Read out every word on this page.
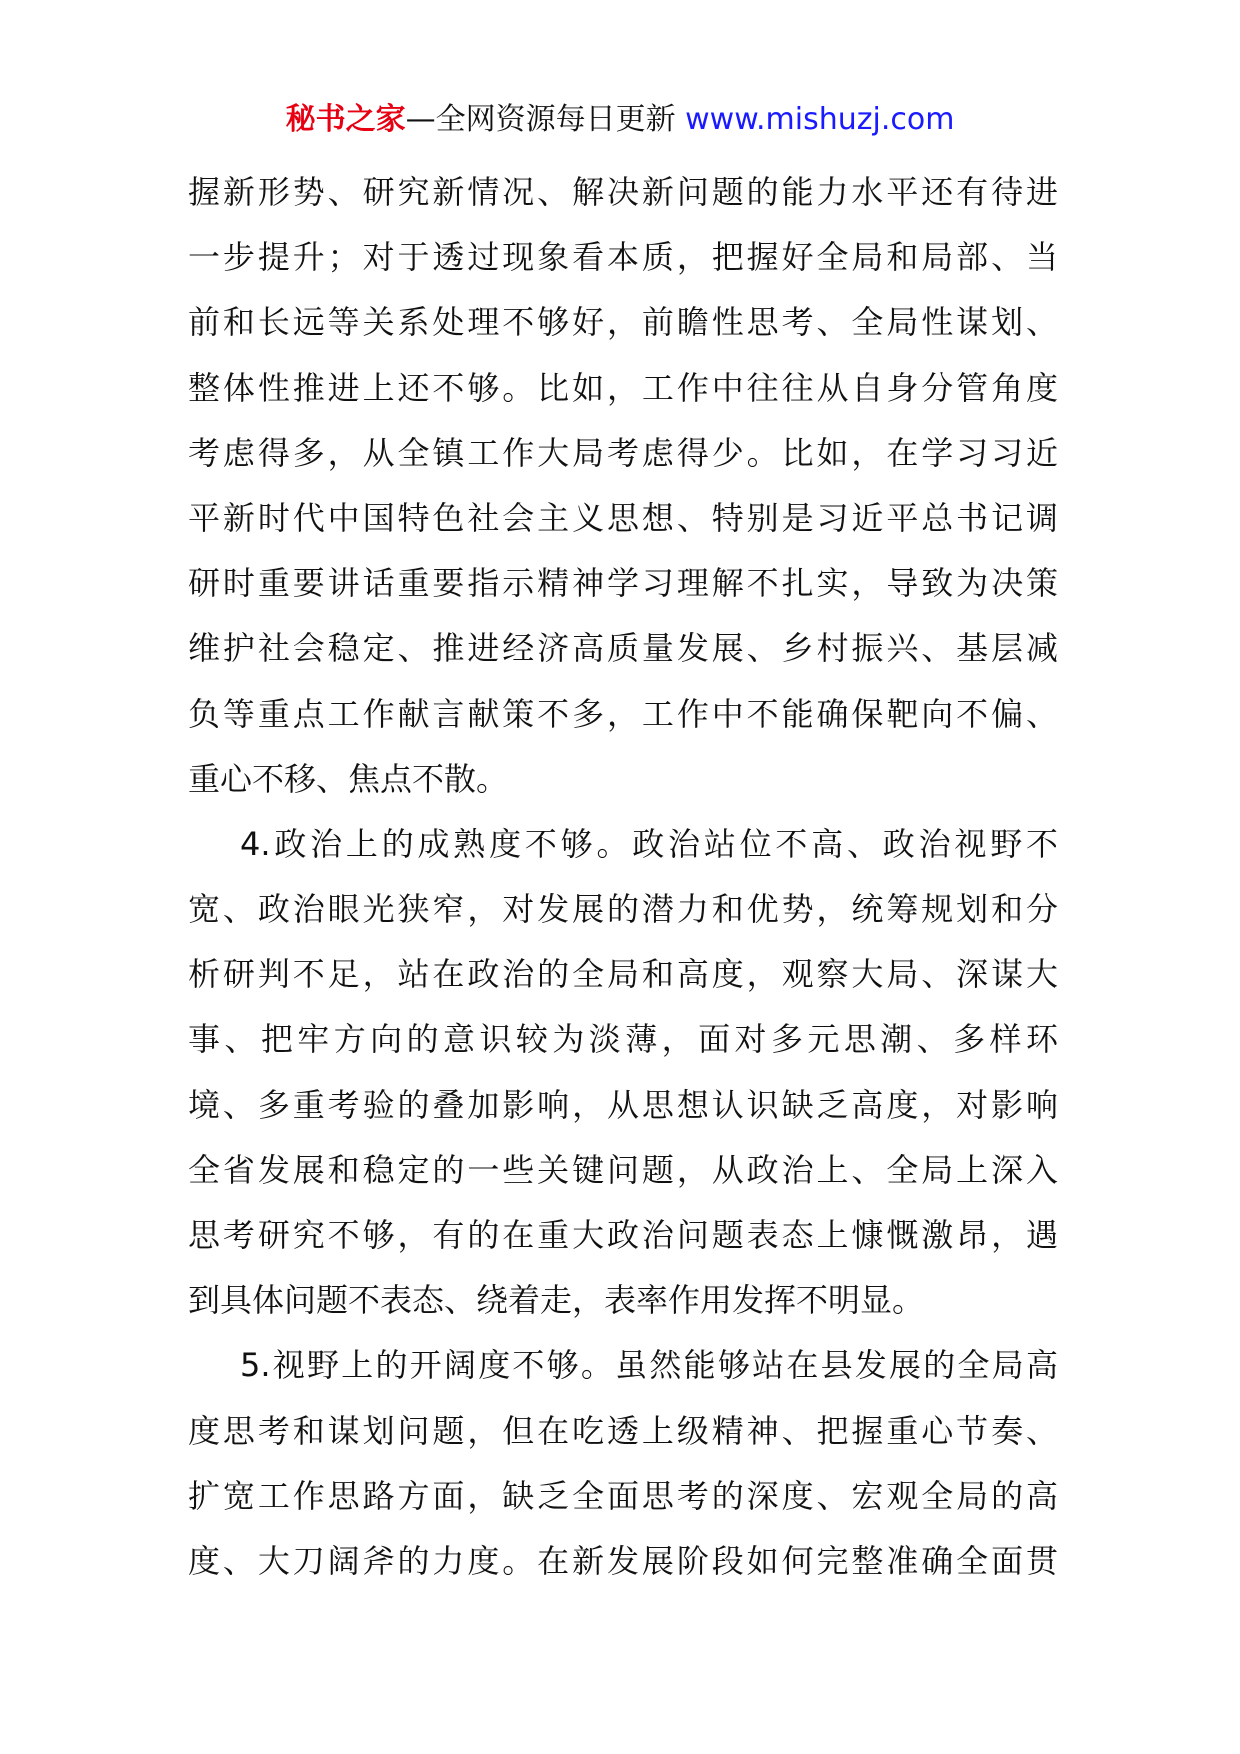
秘书之家—全网资源每日更新 www.mishuzj.com
握新形势、研究新情况、解决新问题的能力水平还有待进
一步提升；对于透过现象看本质，把握好全局和局部、当
前和长远等关系处理不够好，前瞻性思考、全局性谋划、
整体性推进上还不够。比如，工作中往往从自身分管角度
考虑得多，从全镇工作大局考虑得少。比如，在学习习近
平新时代中国特色社会主义思想、特别是习近平总书记调
研时重要讲话重要指示精神学习理解不扎实，导致为决策
维护社会稳定、推进经济高质量发展、乡村振兴、基层减
负等重点工作献言献策不多，工作中不能确保靶向不偏、
重心不移、焦点不散。
4.政治上的成熟度不够。政治站位不高、政治视野不
宽、政治眼光狭窄，对发展的潜力和优势，统筹规划和分
析研判不足，站在政治的全局和高度，观察大局、深谋大
事、把牢方向的意识较为淡薄，面对多元思潮、多样环
境、多重考验的叠加影响，从思想认识缺乏高度，对影响
全省发展和稳定的一些关键问题，从政治上、全局上深入
思考研究不够，有的在重大政治问题表态上慷慨激昂，遇
到具体问题不表态、绕着走，表率作用发挥不明显。
5.视野上的开阔度不够。虽然能够站在县发展的全局高
度思考和谋划问题，但在吃透上级精神、把握重心节奏、
扩宽工作思路方面，缺乏全面思考的深度、宏观全局的高
度、大刀阔斧的力度。在新发展阶段如何完整准确全面贯
